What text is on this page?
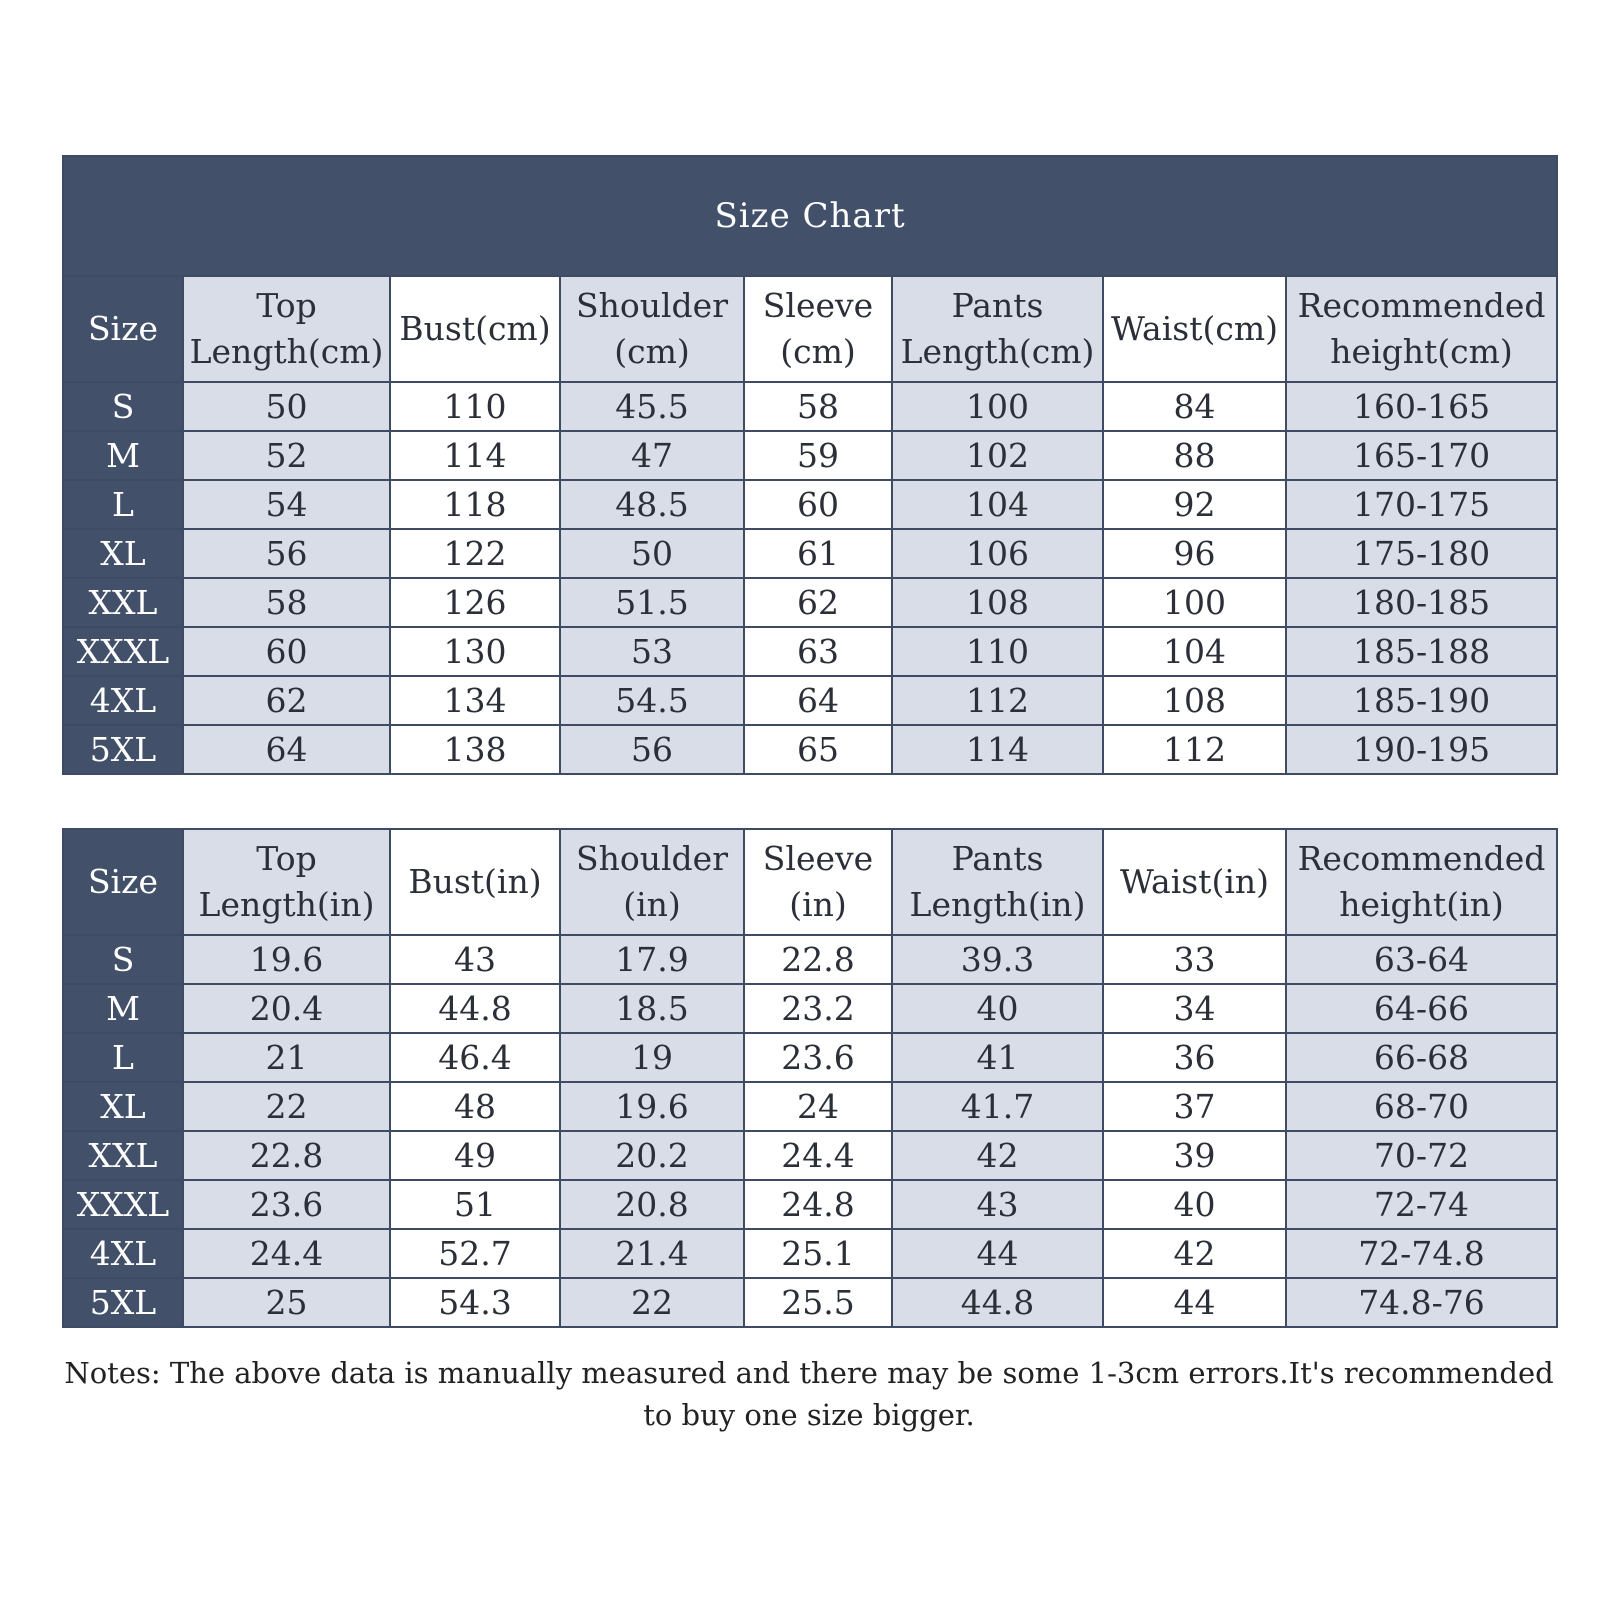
Size Chart							
Size	Top Length(cm)	Bust(cm)	Shoulder (cm)	Sleeve (cm)	Pants Length(cm)	Waist(cm)	Recommended height(cm)
S	50	110	45.5	58	100	84	160-165
M	52	114	47	59	102	88	165-170
L	54	118	48.5	60	104	92	170-175
XL	56	122	50	61	106	96	175-180
XXL	58	126	51.5	62	108	100	180-185
XXXL	60	130	53	63	110	104	185-188
4XL	62	134	54.5	64	112	108	185-190
5XL	64	138	56	65	114	112	190-195
Size	Top Length(in)	Bust(in)	Shoulder (in)	Sleeve (in)	Pants Length(in)	Waist(in)	Recommended height(in)
S	19.6	43	17.9	22.8	39.3	33	63-64
M	20.4	44.8	18.5	23.2	40	34	64-66
L	21	46.4	19	23.6	41	36	66-68
XL	22	48	19.6	24	41.7	37	68-70
XXL	22.8	49	20.2	24.4	42	39	70-72
XXXL	23.6	51	20.8	24.8	43	40	72-74
4XL	24.4	52.7	21.4	25.1	44	42	72-74.8
5XL	25	54.3	22	25.5	44.8	44	74.8-76
Notes: The above data is manually measured and there may be some 1-3cm errors.It's recommended to buy one size bigger.
